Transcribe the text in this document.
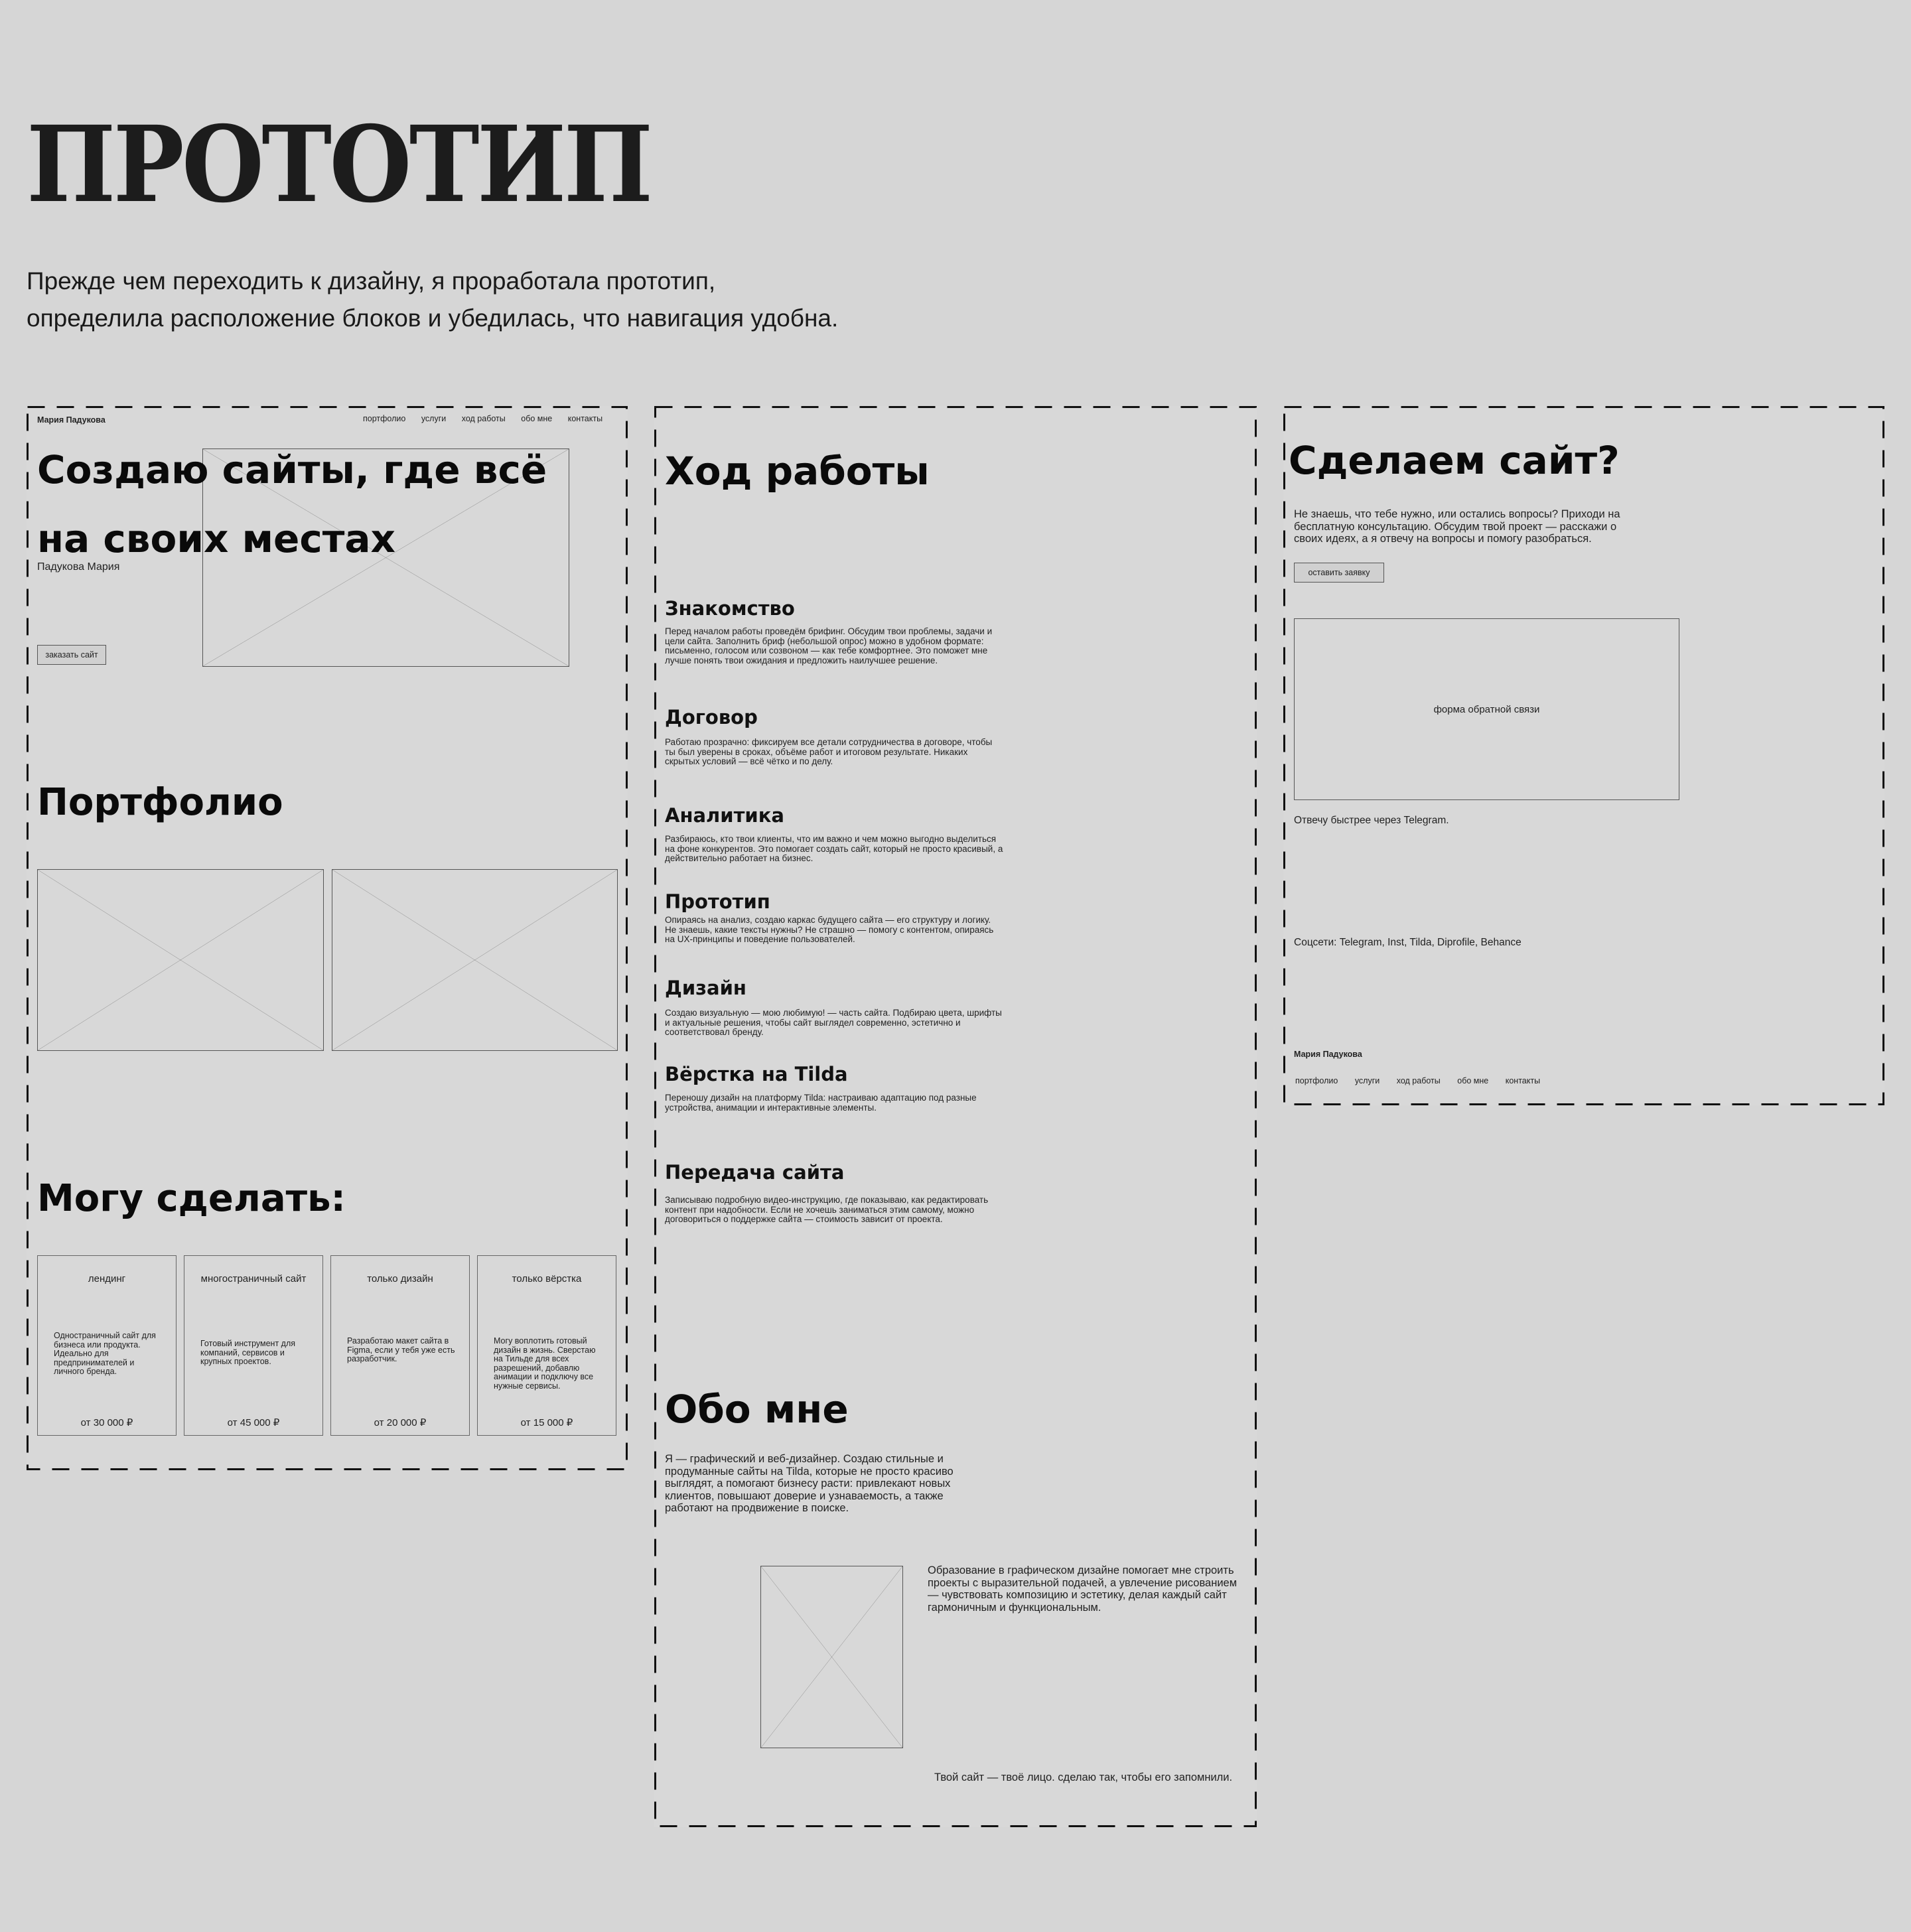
ПРОТОТИП
Прежде чем переходить к дизайну, я проработала прототип,
определила расположение блоков и убедилась, что навигация удобна.
Мария Падукова	портфолио услуги ход работы обо мне контакты
Создаю сайты, где всё
на своих местах
Падукова Мария
заказать сайт
Портфолио
Могу сделать:
лендинг
Одностраничный сайт для бизнеса или продукта. Идеально для предпринимателей и личного бренда.
от 30 000 ₽
многостраничный сайт
Готовый инструмент для компаний, сервисов и крупных проектов.
от 45 000 ₽
только дизайн
Разработаю макет сайта в Figma, если у тебя уже есть разработчик.
от 20 000 ₽
только вёрстка
Могу воплотить готовый дизайн в жизнь. Сверстаю на Тильде для всех разрешений, добавлю анимации и подключу все нужные сервисы.
от 15 000 ₽
Ход работы
Знакомство
Перед началом работы проведём брифинг. Обсудим твои проблемы, задачи и цели сайта. Заполнить бриф (небольшой опрос) можно в удобном формате: письменно, голосом или созвоном — как тебе комфортнее. Это поможет мне лучше понять твои ожидания и предложить наилучшее решение.
Договор
Работаю прозрачно: фиксируем все детали сотрудничества в договоре, чтобы ты был уверены в сроках, объёме работ и итоговом результате. Никаких скрытых условий — всё чётко и по делу.
Аналитика
Разбираюсь, кто твои клиенты, что им важно и чем можно выгодно выделиться на фоне конкурентов. Это помогает создать сайт, который не просто красивый, а действительно работает на бизнес.
Прототип
Опираясь на анализ, создаю каркас будущего сайта — его структуру и логику. Не знаешь, какие тексты нужны? Не страшно — помогу с контентом, опираясь на UX-принципы и поведение пользователей.
Дизайн
Создаю визуальную — мою любимую! — часть сайта. Подбираю цвета, шрифты и актуальные решения, чтобы сайт выглядел современно, эстетично и соответствовал бренду.
Вёрстка на Tilda
Переношу дизайн на платформу Tilda: настраиваю адаптацию под разные устройства, анимации и интерактивные элементы.
Передача сайта
Записываю подробную видео-инструкцию, где показываю, как редактировать контент при надобности. Если не хочешь заниматься этим самому, можно договориться о поддержке сайта — стоимость зависит от проекта.
Обо мне
Я — графический и веб-дизайнер. Создаю стильные и продуманные сайты на Tilda, которые не просто красиво выглядят, а помогают бизнесу расти: привлекают новых клиентов, повышают доверие и узнаваемость, а также работают на продвижение в поиске.
Образование в графическом дизайне помогает мне строить проекты с выразительной подачей, а увлечение рисованием — чувствовать композицию и эстетику, делая каждый сайт гармоничным и функциональным.
Твой сайт — твоё лицо. сделаю так, чтобы его запомнили.
Сделаем сайт?
Не знаешь, что тебе нужно, или остались вопросы? Приходи на бесплатную консультацию. Обсудим твой проект — расскажи о своих идеях, а я отвечу на вопросы и помогу разобраться.
оставить заявку
форма обратной связи
Отвечу быстрее через Telegram.
Соцсети: Telegram, Inst, Tilda, Diprofile, Behance
Мария Падукова
портфолио услуги ход работы обо мне контакты
